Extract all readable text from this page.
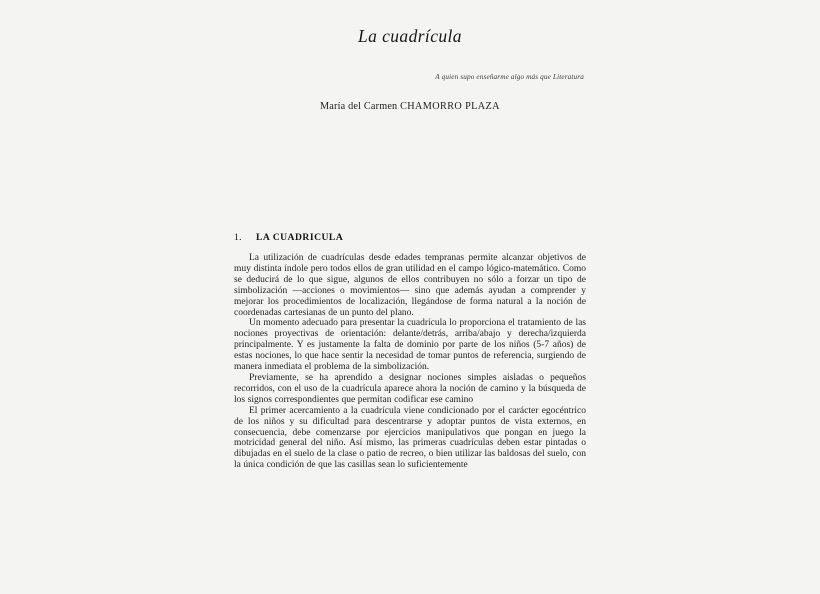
La cuadrícula
A quien supo enseñarme algo más que Literatura
María del Carmen CHAMORRO PLAZA
1.	LA CUADRICULA

La utilización de cuadrículas desde edades tempranas permite alcanzar objetivos de muy distinta índole pero todos ellos de gran utilidad en el campo lógico-matemático. Como se deducirá de lo que sigue, algunos de ellos contribuyen no sólo a forzar un tipo de simbolización —acciones o movimientos— sino que además ayudan a comprender y mejorar los procedimientos de localización, llegándose de forma natural a la noción de coordenadas cartesianas de un punto del plano.

Un momento adecuado para presentar la cuadrícula lo proporciona el tratamiento de las nociones proyectivas de orientación: delante/detrás, arriba/abajo y derecha/izquierda principalmente. Y es justamente la falta de dominio por parte de los niños (5-7 años) de estas nociones, lo que hace sentir la necesidad de tomar puntos de referencia, surgiendo de manera inmediata el problema de la simbolización.

Previamente, se ha aprendido a designar nociones simples aisladas o pequeños recorridos, con el uso de la cuadrícula aparece ahora la noción de camino y la búsqueda de los signos correspondientes que permitan codificar ese camino

El primer acercamiento a la cuadrícula viene condicionado por el carácter egocéntrico de los niños y su dificultad para descentrarse y adoptar puntos de vista externos, en consecuencia, debe comenzarse por ejercicios manipulativos que pongan en juego la motricidad general del niño. Así mismo, las primeras cuadrículas deben estar pintadas o dibujadas en el suelo de la clase o patio de recreo, o bien utilizar las baldosas del suelo, con la única condición de que las casillas sean lo suficientemente
